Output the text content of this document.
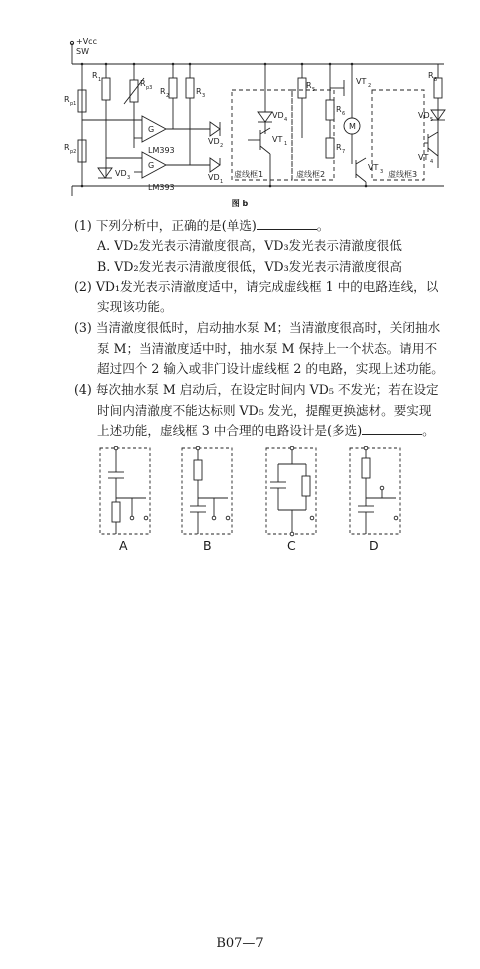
+Vcc
SW
R p1
R p2
R 1	R p3 R 2	R 3
G
G
LM393
LM393
VD 2
VD 1
VD 3
R 5
VD 4
VT 1
VT 2
R 6
R 7
M
VT 3
R 8
VD 5
VT 4
虚线框1	虚线框2	虚线框3
图 b
(1) 下列分析中，正确的是(单选)	。
A. VD₂发光表示清澈度很高，VD₃发光表示清澈度很低
B. VD₂发光表示清澈度很低，VD₃发光表示清澈度很高
(2) VD₁发光表示清澈度适中，请完成虚线框 1 中的电路连线，以
实现该功能。
(3) 当清澈度很低时，启动抽水泵 M；当清澈度很高时，关闭抽水
泵 M；当清澈度适中时，抽水泵 M 保持上一个状态。请用不
超过四个 2 输入或非门设计虚线框 2 的电路，实现上述功能。
(4) 每次抽水泵 M 启动后，在设定时间内 VD₅ 不发光；若在设定
时间内清澈度不能达标则 VD₅ 发光，提醒更换滤材。要实现
上述功能，虚线框 3 中合理的电路设计是(多选)	。
A	B	C	D
B07—7
